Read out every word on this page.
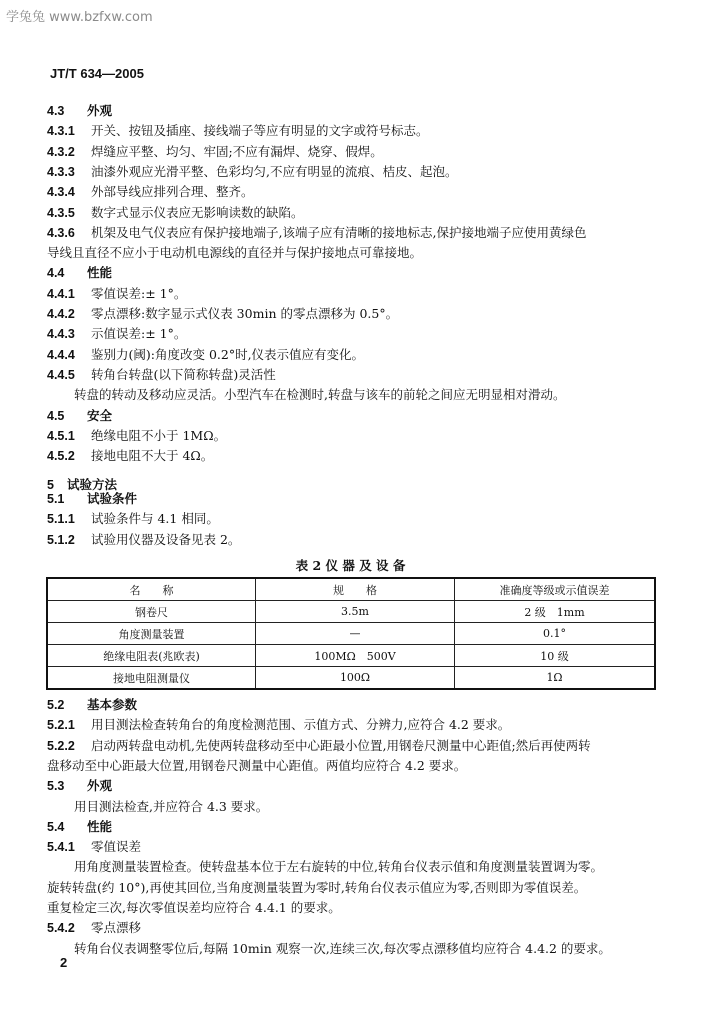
学兔兔 www.bzfxw.com
JT/T 634—2005
4.3 外观
4.3.1 开关、按钮及插座、接线端子等应有明显的文字或符号标志。
4.3.2 焊缝应平整、均匀、牢固;不应有漏焊、烧穿、假焊。
4.3.3 油漆外观应光滑平整、色彩均匀,不应有明显的流痕、桔皮、起泡。
4.3.4 外部导线应排列合理、整齐。
4.3.5 数字式显示仪表应无影响读数的缺陷。
4.3.6 机架及电气仪表应有保护接地端子,该端子应有清晰的接地标志,保护接地端子应使用黄绿色
导线且直径不应小于电动机电源线的直径并与保护接地点可靠接地。
4.4 性能
4.4.1 零值误差:± 1°。
4.4.2 零点漂移:数字显示式仪表 30min 的零点漂移为 0.5°。
4.4.3 示值误差:± 1°。
4.4.4 鉴别力(阈):角度改变 0.2°时,仪表示值应有变化。
4.4.5 转角台转盘(以下简称转盘)灵活性
转盘的转动及移动应灵活。小型汽车在检测时,转盘与该车的前轮之间应无明显相对滑动。
4.5 安全
4.5.1 绝缘电阻不小于 1MΩ。
4.5.2 接地电阻不大于 4Ω。
5 试验方法
5.1 试验条件
5.1.1 试验条件与 4.1 相同。
5.1.2 试验用仪器及设备见表 2。
表 2 仪 器 及 设 备
名　　称	规　　格	准确度等级或示值误差
钢卷尺	3.5m	2 级　1mm
角度测量装置	—	0.1°
绝缘电阻表(兆欧表)	100MΩ　500V	10 级
接地电阻测量仪	100Ω	1Ω
5.2 基本参数
5.2.1 用目测法检查转角台的角度检测范围、示值方式、分辨力,应符合 4.2 要求。
5.2.2 启动两转盘电动机,先使两转盘移动至中心距最小位置,用钢卷尺测量中心距值;然后再使两转
盘移动至中心距最大位置,用钢卷尺测量中心距值。两值均应符合 4.2 要求。
5.3 外观
用目测法检查,并应符合 4.3 要求。
5.4 性能
5.4.1 零值误差
用角度测量装置检查。使转盘基本位于左右旋转的中位,转角台仪表示值和角度测量装置调为零。
旋转转盘(约 10°),再使其回位,当角度测量装置为零时,转角台仪表示值应为零,否则即为零值误差。
重复检定三次,每次零值误差均应符合 4.4.1 的要求。
5.4.2 零点漂移
转角台仪表调整零位后,每隔 10min 观察一次,连续三次,每次零点漂移值均应符合 4.4.2 的要求。
2
